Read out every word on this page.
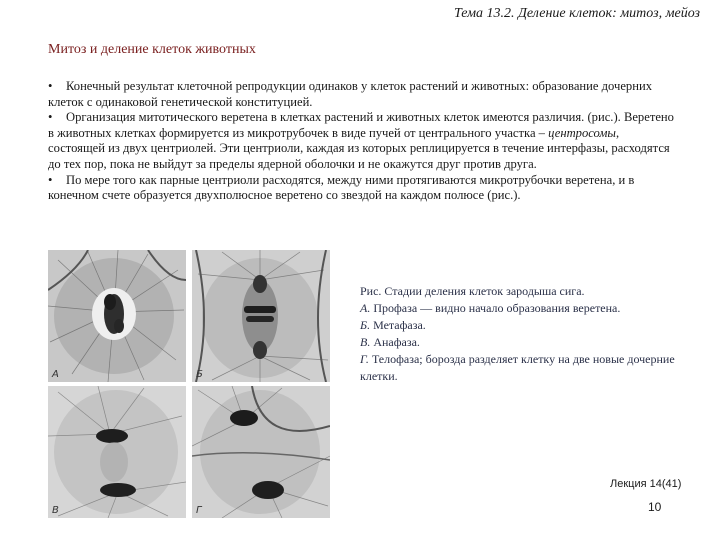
Тема 13.2. Деление клеток: митоз, мейоз
Митоз и деление клеток животных

• Конечный результат клеточной репродукции одинаков у клеток растений и животных: образование дочерних клеток с одинаковой генетической конституцией.

• Организация митотического веретена в клетках растений и животных клеток имеются различия. (рис.). Веретено в животных клетках формируется из микротрубочек в виде пучей от центрального участка – центросомы, состоящей из двух центриолей. Эти центриоли, каждая из которых реплицируется в течение интерфазы, расходятся до тех пор, пока не выйдут за пределы ядерной оболочки и не окажутся друг против друга.

• По мере того как парные центриоли расходятся, между ними протягиваются микротрубочки веретена, и в конечном счете образуется двухполюсное веретено со звездой на каждом полюсе (рис.).

А	Б
В	Г

Рис. Стадии деления клеток зародыша сига.

А. Профаза — видно начало образования веретена.

Б. Метафаза.

В. Анафаза.

Г. Телофаза; борозда разделяет клетку на две новые дочерние клетки.

Лекция 14(41)
10
